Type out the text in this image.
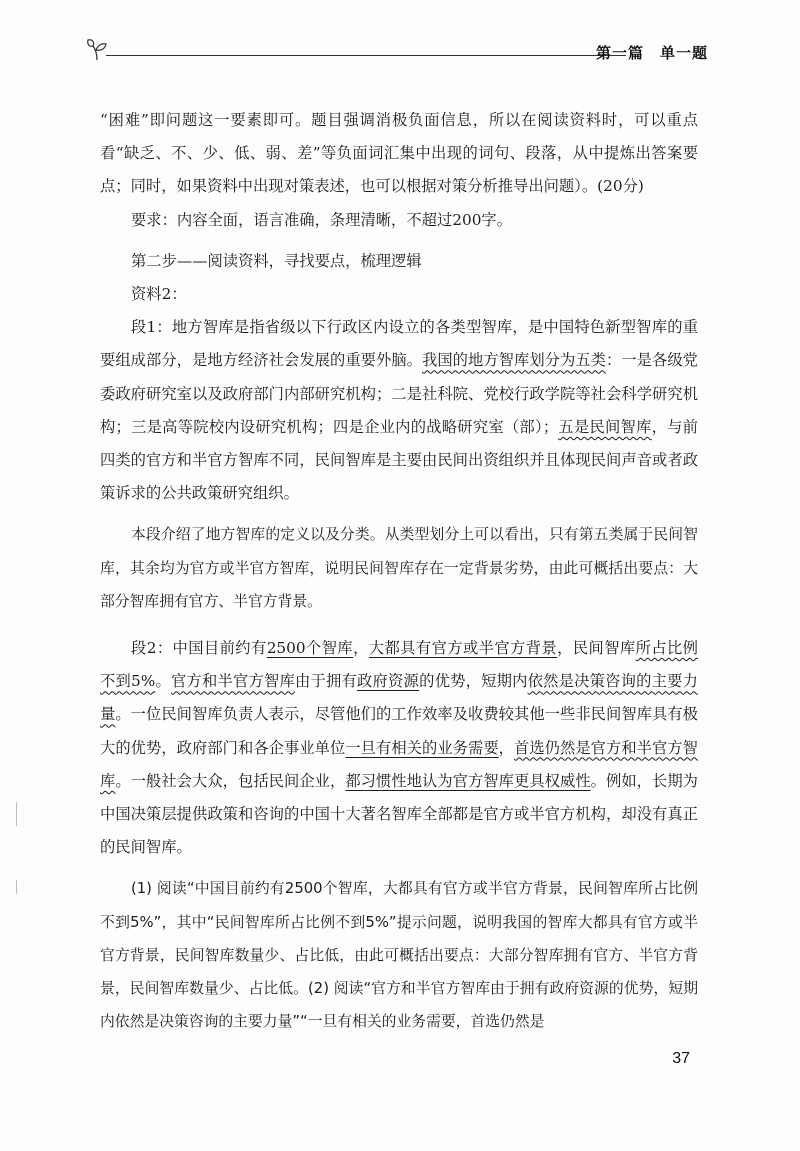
第一篇 单一题

“困难”即问题这一要素即可。题目强调消极负面信息，所以在阅读资料时，可以重点看“缺乏、不、少、低、弱、差”等负面词汇集中出现的词句、段落，从中提炼出答案要点；同时，如果资料中出现对策表述，也可以根据对策分析推导出问题）。(20分)

要求：内容全面，语言准确，条理清晰，不超过200字。

第二步——阅读资料，寻找要点，梳理逻辑

资料2：

段1：地方智库是指省级以下行政区内设立的各类型智库，是中国特色新型智库的重要组成部分，是地方经济社会发展的重要外脑。我国的地方智库划分为五类：一是各级党委政府研究室以及政府部门内部研究机构；二是社科院、党校行政学院等社会科学研究机构；三是高等院校内设研究机构；四是企业内的战略研究室（部）；五是民间智库，与前四类的官方和半官方智库不同，民间智库是主要由民间出资组织并且体现民间声音或者政策诉求的公共政策研究组织。

本段介绍了地方智库的定义以及分类。从类型划分上可以看出，只有第五类属于民间智库，其余均为官方或半官方智库，说明民间智库存在一定背景劣势，由此可概括出要点：大部分智库拥有官方、半官方背景。

段2：中国目前约有2500个智库，大都具有官方或半官方背景，民间智库所占比例不到5%。官方和半官方智库由于拥有政府资源的优势，短期内依然是决策咨询的主要力量。一位民间智库负责人表示，尽管他们的工作效率及收费较其他一些非民间智库具有极大的优势，政府部门和各企事业单位一旦有相关的业务需要，首选仍然是官方和半官方智库。一般社会大众，包括民间企业，都习惯性地认为官方智库更具权威性。例如，长期为中国决策层提供政策和咨询的中国十大著名智库全部都是官方或半官方机构，却没有真正的民间智库。

(1) 阅读“中国目前约有2500个智库，大都具有官方或半官方背景，民间智库所占比例不到5%”，其中“民间智库所占比例不到5%”提示问题，说明我国的智库大都具有官方或半官方背景，民间智库数量少、占比低，由此可概括出要点：大部分智库拥有官方、半官方背景，民间智库数量少、占比低。(2) 阅读“官方和半官方智库由于拥有政府资源的优势，短期内依然是决策咨询的主要力量”“一旦有相关的业务需要，首选仍然是

37
